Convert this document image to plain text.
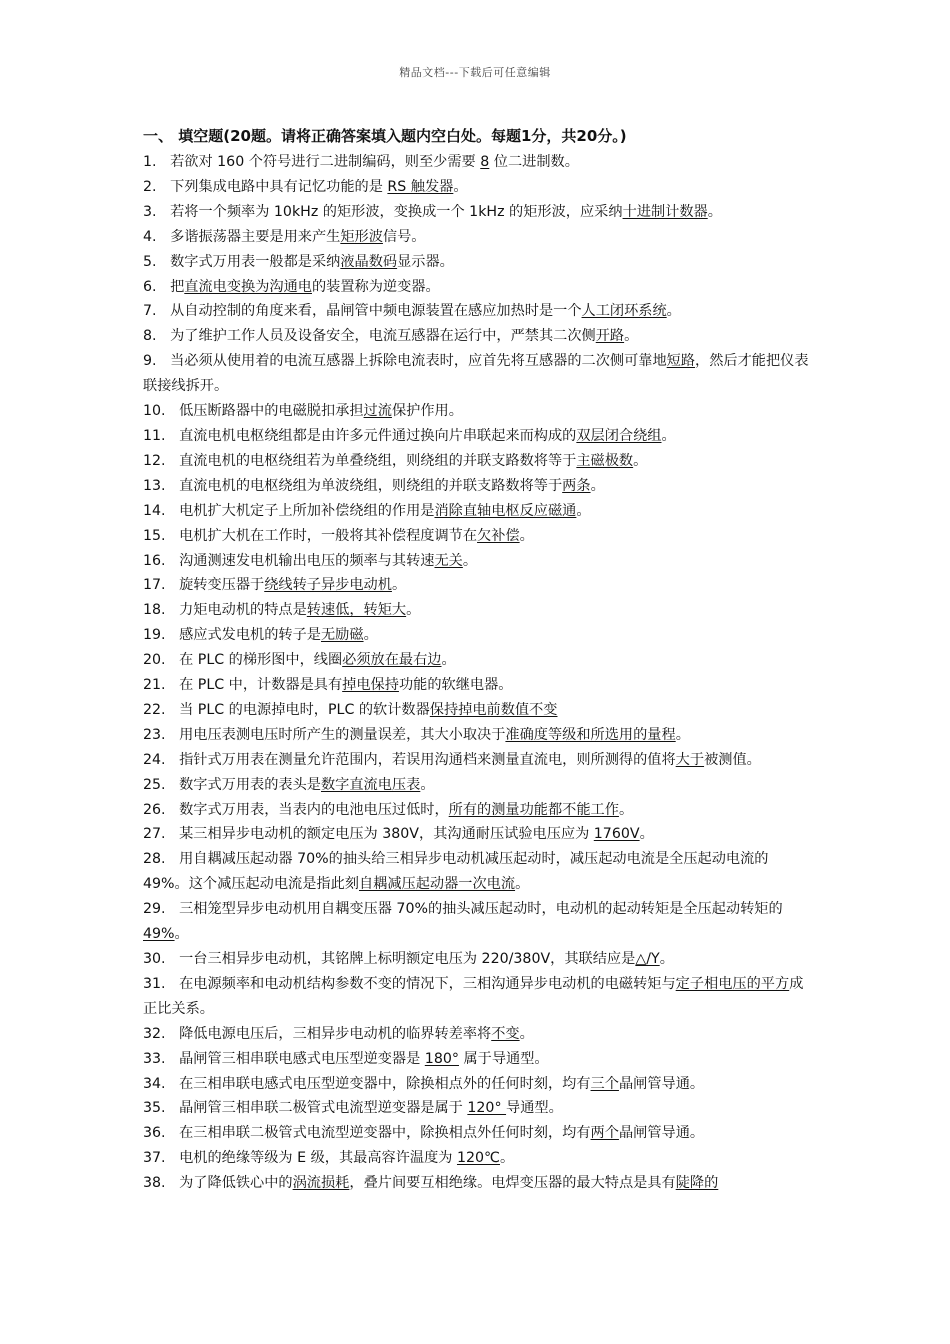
精品文档---下载后可任意编辑
一、 填空题(20题。请将正确答案填入题内空白处。每题1分，共20分。)

1.   若欲对 160 个符号进行二进制编码，则至少需要 8 位二进制数。

2.   下列集成电路中具有记忆功能的是 RS 触发器。

3.   若将一个频率为 10kHz 的矩形波，变换成一个 1kHz 的矩形波，应采纳十进制计数器。

4.   多谐振荡器主要是用来产生矩形波信号。

5.   数字式万用表一般都是采纳液晶数码显示器。

6.   把直流电变换为沟通电的装置称为逆变器。

7.   从自动控制的角度来看，晶闸管中频电源装置在感应加热时是一个人工闭环系统。

8.   为了维护工作人员及设备安全，电流互感器在运行中，严禁其二次侧开路。

9.   当必须从使用着的电流互感器上拆除电流表时，应首先将互感器的二次侧可靠地短路，然后才能把仪表联接线拆开。

10.   低压断路器中的电磁脱扣承担过流保护作用。

11.   直流电机电枢绕组都是由许多元件通过换向片串联起来而构成的双层闭合绕组。

12.   直流电机的电枢绕组若为单叠绕组，则绕组的并联支路数将等于主磁极数。

13.   直流电机的电枢绕组为单波绕组，则绕组的并联支路数将等于两条。

14.   电机扩大机定子上所加补偿绕组的作用是消除直轴电枢反应磁通。

15.   电机扩大机在工作时，一般将其补偿程度调节在欠补偿。

16.   沟通测速发电机输出电压的频率与其转速无关。

17.   旋转变压器于绕线转子异步电动机。

18.   力矩电动机的特点是转速低，转矩大。

19.   感应式发电机的转子是无励磁。

20.   在 PLC 的梯形图中，线圈必须放在最右边。

21.   在 PLC 中，计数器是具有掉电保持功能的软继电器。

22.   当 PLC 的电源掉电时，PLC 的软计数器保持掉电前数值不变

23.   用电压表测电压时所产生的测量误差，其大小取决于准确度等级和所选用的量程。

24.   指针式万用表在测量允许范围内，若误用沟通档来测量直流电，则所测得的值将大于被测值。

25.   数字式万用表的表头是数字直流电压表。

26.   数字式万用表，当表内的电池电压过低时，所有的测量功能都不能工作。

27.   某三相异步电动机的额定电压为 380V，其沟通耐压试验电压应为 1760V。

28.   用自耦减压起动器 70%的抽头给三相异步电动机减压起动时，减压起动电流是全压起动电流的 49%。这个减压起动电流是指此刻自耦减压起动器一次电流。

29.   三相笼型异步电动机用自耦变压器 70%的抽头减压起动时，电动机的起动转矩是全压起动转矩的 49%。

30.   一台三相异步电动机，其铭牌上标明额定电压为 220/380V，其联结应是△/Y。

31.   在电源频率和电动机结构参数不变的情况下，三相沟通异步电动机的电磁转矩与定子相电压的平方成正比关系。

32.   降低电源电压后，三相异步电动机的临界转差率将不变。

33.   晶闸管三相串联电感式电压型逆变器是 180° 属于导通型。

34.   在三相串联电感式电压型逆变器中，除换相点外的任何时刻，均有三个晶闸管导通。

35.   晶闸管三相串联二极管式电流型逆变器是属于 120° 导通型。

36.   在三相串联二极管式电流型逆变器中，除换相点外任何时刻，均有两个晶闸管导通。

37.   电机的绝缘等级为 E 级，其最高容许温度为 120℃。

38.   为了降低铁心中的涡流损耗，叠片间要互相绝缘。电焊变压器的最大特点是具有陡降的
